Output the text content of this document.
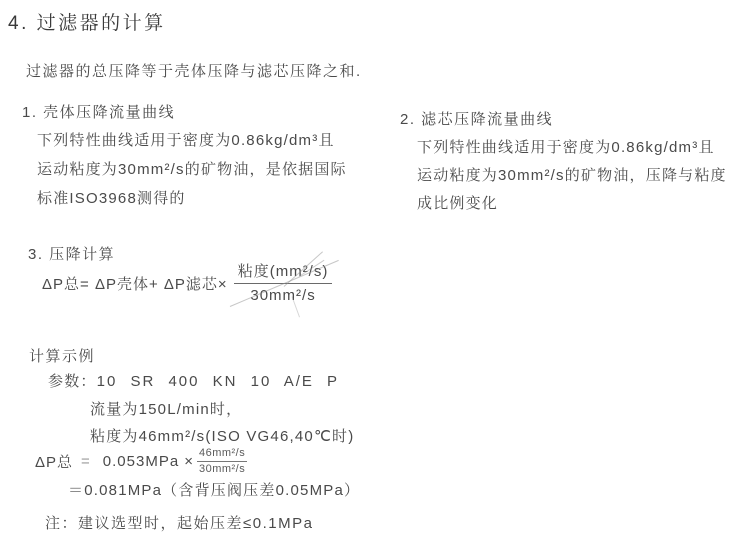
4. 过滤器的计算
过滤器的总压降等于壳体压降与滤芯压降之和.
1. 壳体压降流量曲线
下列特性曲线适用于密度为0.86kg/dm³且
运动粘度为30mm²/s的矿物油，是依据国际
标准ISO3968测得的
2. 滤芯压降流量曲线
下列特性曲线适用于密度为0.86kg/dm³且
运动粘度为30mm²/s的矿物油，压降与粘度
成比例变化
3. 压降计算
ΔP总= ΔP壳体+ ΔP滤芯× $\frac{\text{粘度(mm²/s)}}{\text{30mm²/s}}$
计算示例
参数：10 SR 400 KN 10 A/E P
流量为150L/min时，
粘度为46mm²/s(ISO VG46,40℃时)
ΔP总 = $0.053MPa \times \frac{\text{46mm²/s}}{\text{30mm²/s}}$
＝0.081MPa（含背压阀压差0.05MPa）
注：建议选型时，起始压差≤0.1MPa
